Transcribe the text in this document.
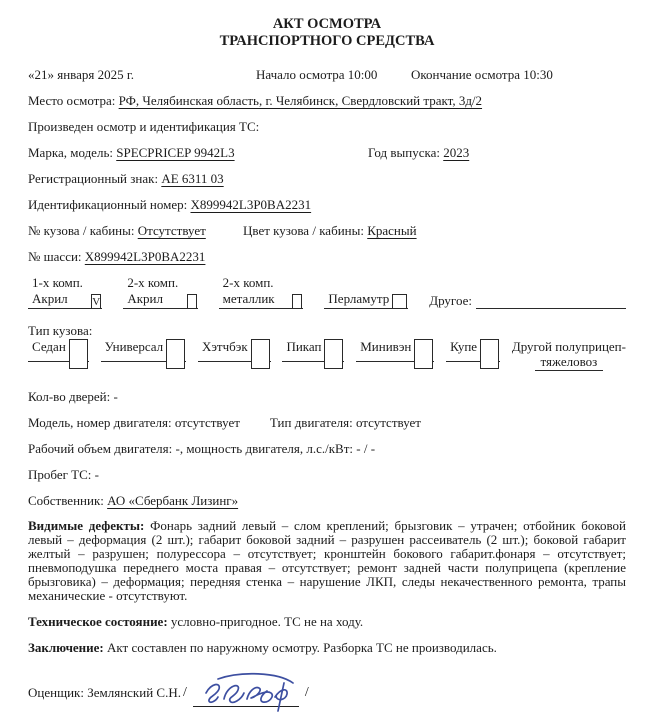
АКТ ОСМОТРА
ТРАНСПОРТНОГО СРЕДСТВА
«21» января 2025 г.	Начало осмотра 10:00	Окончание осмотра 10:30
Место осмотра: РФ, Челябинская область, г. Челябинск, Свердловский тракт, 3д/2
Произведен осмотр и идентификация ТС:
Марка, модель: SPECPRICEP 9942L3	Год выпуска: 2023
Регистрационный знак: АЕ 6311 03
Идентификационный номер: X899942L3P0BA2231
№ кузова / кабины: Отсутствует	Цвет кузова / кабины: Красный
№ шасси: X899942L3P0BA2231
1-х комп. Акрил	V
2-х комп. Акрил
2-х комп. металлик	Перламутр	Другое:
Тип кузова:
Седан	Универсал	Хэтчбэк	Пикап	Минивэн	Купе	Другой полуприцеп-
тяжеловоз
Кол-во дверей: -
Модель, номер двигателя: отсутствует Тип двигателя: отсутствует
Рабочий объем двигателя: -, мощность двигателя, л.с./кВт: - / -
Пробег ТС: -
Собственник: АО «Сбербанк Лизинг»

Видимые дефекты: Фонарь задний левый – слом креплений; брызговик – утрачен; отбойник боковой левый – деформация (2 шт.); габарит боковой задний – разрушен рассеиватель (2 шт.); боковой габарит желтый – разрушен; полурессора – отсутствует; кронштейн бокового габарит.фонаря – отсутствует; пневмоподушка переднего моста правая – отсутствует; ремонт задней части полуприцепа (крепление брызговика) – деформация; передняя стенка – нарушение ЛКП, следы некачественного ремонта, трапы механические - отсутствуют.

Техническое состояние: условно-пригодное. ТС не на ходу.
Заключение: Акт составлен по наружному осмотру. Разборка ТС не производилась.
Оценщик: Землянский С.Н. /	/
